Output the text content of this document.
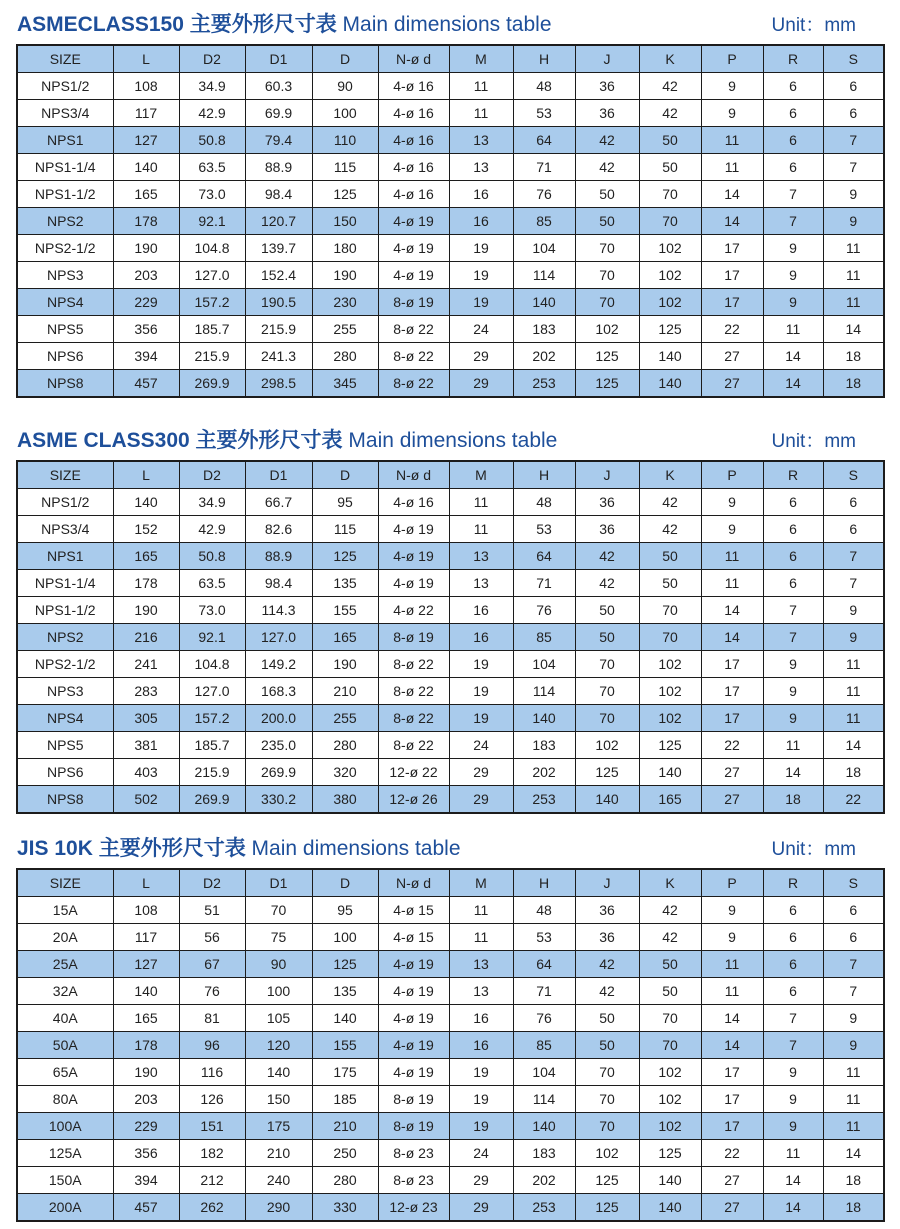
ASMECLASS150 主要外形尺寸表 Main dimensions table	Unit：mm
SIZE	L	D2	D1	D	N-ø d	M	H	J	K	P	R	S
NPS1/2	108	34.9	60.3	90	4-ø 16	11	48	36	42	9	6	6
NPS3/4	117	42.9	69.9	100	4-ø 16	11	53	36	42	9	6	6
NPS1	127	50.8	79.4	110	4-ø 16	13	64	42	50	11	6	7
NPS1-1/4	140	63.5	88.9	115	4-ø 16	13	71	42	50	11	6	7
NPS1-1/2	165	73.0	98.4	125	4-ø 16	16	76	50	70	14	7	9
NPS2	178	92.1	120.7	150	4-ø 19	16	85	50	70	14	7	9
NPS2-1/2	190	104.8	139.7	180	4-ø 19	19	104	70	102	17	9	11
NPS3	203	127.0	152.4	190	4-ø 19	19	114	70	102	17	9	11
NPS4	229	157.2	190.5	230	8-ø 19	19	140	70	102	17	9	11
NPS5	356	185.7	215.9	255	8-ø 22	24	183	102	125	22	11	14
NPS6	394	215.9	241.3	280	8-ø 22	29	202	125	140	27	14	18
NPS8	457	269.9	298.5	345	8-ø 22	29	253	125	140	27	14	18
ASME CLASS300 主要外形尺寸表 Main dimensions table	Unit：mm
SIZE	L	D2	D1	D	N-ø d	M	H	J	K	P	R	S
NPS1/2	140	34.9	66.7	95	4-ø 16	11	48	36	42	9	6	6
NPS3/4	152	42.9	82.6	115	4-ø 19	11	53	36	42	9	6	6
NPS1	165	50.8	88.9	125	4-ø 19	13	64	42	50	11	6	7
NPS1-1/4	178	63.5	98.4	135	4-ø 19	13	71	42	50	11	6	7
NPS1-1/2	190	73.0	114.3	155	4-ø 22	16	76	50	70	14	7	9
NPS2	216	92.1	127.0	165	8-ø 19	16	85	50	70	14	7	9
NPS2-1/2	241	104.8	149.2	190	8-ø 22	19	104	70	102	17	9	11
NPS3	283	127.0	168.3	210	8-ø 22	19	114	70	102	17	9	11
NPS4	305	157.2	200.0	255	8-ø 22	19	140	70	102	17	9	11
NPS5	381	185.7	235.0	280	8-ø 22	24	183	102	125	22	11	14
NPS6	403	215.9	269.9	320	12-ø 22	29	202	125	140	27	14	18
NPS8	502	269.9	330.2	380	12-ø 26	29	253	140	165	27	18	22
JIS 10K 主要外形尺寸表 Main dimensions table	Unit：mm
SIZE	L	D2	D1	D	N-ø d	M	H	J	K	P	R	S
15A	108	51	70	95	4-ø 15	11	48	36	42	9	6	6
20A	117	56	75	100	4-ø 15	11	53	36	42	9	6	6
25A	127	67	90	125	4-ø 19	13	64	42	50	11	6	7
32A	140	76	100	135	4-ø 19	13	71	42	50	11	6	7
40A	165	81	105	140	4-ø 19	16	76	50	70	14	7	9
50A	178	96	120	155	4-ø 19	16	85	50	70	14	7	9
65A	190	116	140	175	4-ø 19	19	104	70	102	17	9	11
80A	203	126	150	185	8-ø 19	19	114	70	102	17	9	11
100A	229	151	175	210	8-ø 19	19	140	70	102	17	9	11
125A	356	182	210	250	8-ø 23	24	183	102	125	22	11	14
150A	394	212	240	280	8-ø 23	29	202	125	140	27	14	18
200A	457	262	290	330	12-ø 23	29	253	125	140	27	14	18
